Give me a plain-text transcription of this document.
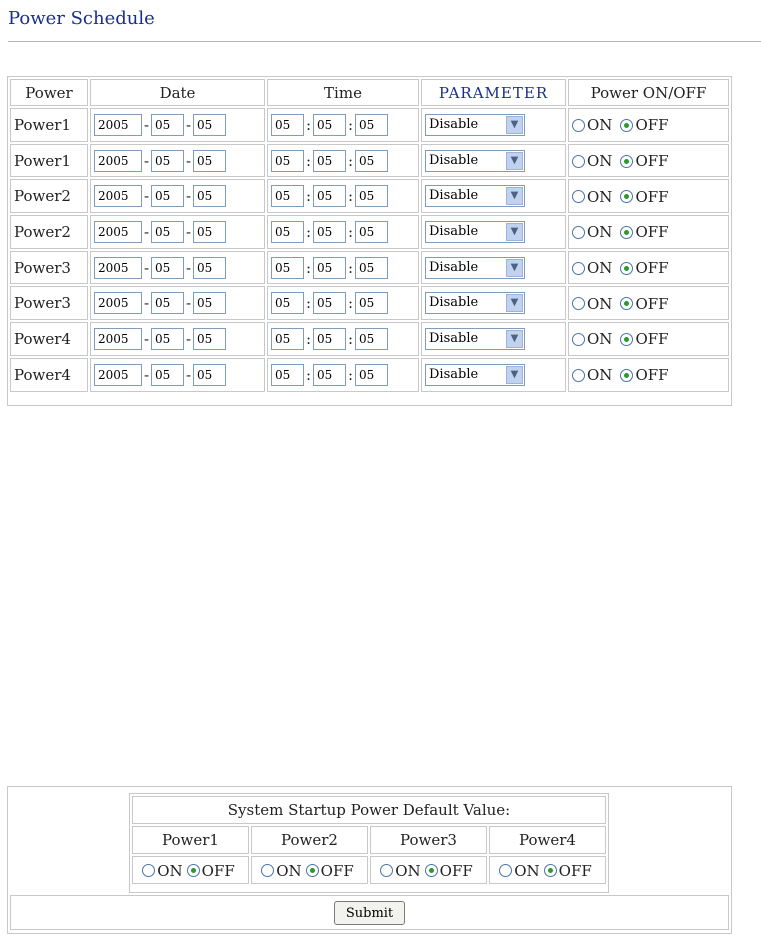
Power Schedule
Power	Date	Time	PARAMETER	Power ON/OFF
Power1	2005 - 05 - 05	05 : 05 : 05	Disable ▼	ON OFF
Power1	2005 - 05 - 05	05 : 05 : 05	Disable ▼	ON OFF
Power2	2005 - 05 - 05	05 : 05 : 05	Disable ▼	ON OFF
Power2	2005 - 05 - 05	05 : 05 : 05	Disable ▼	ON OFF
Power3	2005 - 05 - 05	05 : 05 : 05	Disable ▼	ON OFF
Power3	2005 - 05 - 05	05 : 05 : 05	Disable ▼	ON OFF
Power4	2005 - 05 - 05	05 : 05 : 05	Disable ▼	ON OFF
Power4	2005 - 05 - 05	05 : 05 : 05	Disable ▼	ON OFF
System Startup Power Default Value:			
Power1	Power2	Power3	Power4
ON OFF	ON OFF	ON OFF	ON OFF
Submit
